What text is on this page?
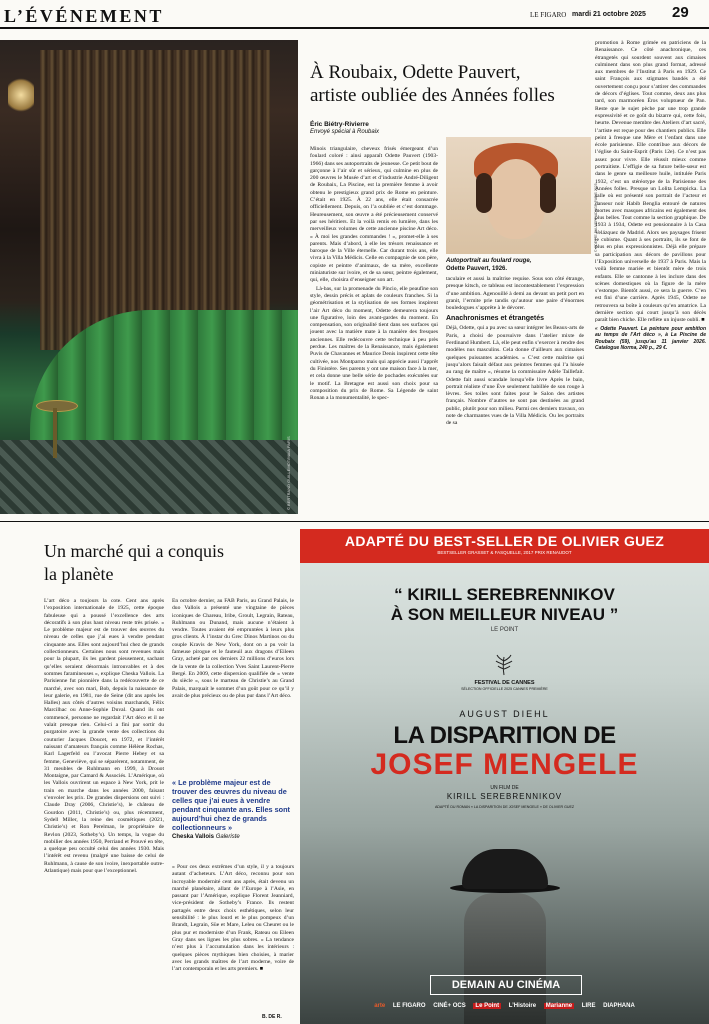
L’ÉVÉNEMENT	LE FIGARO mardi 21 octobre 2025 29
© BERTRAND GUILLEMOT/MAIA PARIS
À Roubaix, Odette Pauvert,
artiste oubliée des Années folles
Éric Biétry-Rivierre
Envoyé spécial à Roubaix
© ODETTE PAUVERT/ADAGP, PARIS 2025
Autoportrait au foulard rouge,
Odette Pauvert, 1926.

Minois triangulaire, cheveux frisés émergeant d’un foulard coloré : ainsi apparaît Odette Pauvert (1903-1966) dans ses autoportraits de jeunesse. Ce petit bout de garçonne à l’air sûr et sérieux, qui culmine en plus de 200 œuvres le Musée d’art et d’industrie André-Diligent de Roubaix, La Piscine, est la première femme à avoir obtenu le prestigieux grand prix de Rome en peinture. C’était en 1925. À 22 ans, elle était consacrée officiellement. Depuis, on l’a oubliée et c’est dommage. Heureusement, son œuvre a été précieusement conservé par ses héritiers. Et la voilà remis en lumière, dans les merveilleux volumes de cette ancienne piscine Art déco. « À moi les grandes commandes ! », promet-elle à ses parents. Mais d’abord, à elle les trésors renaissance et baroque de la Ville éternelle. Car durant trois ans, elle vivra à la Villa Médicis. Celle en compagnie de son père, copiste et peintre d’animaux, de sa mère, excellente miniaturiste sur ivoire, et de sa sœur, peintre également, qui, elle, choisira d’enseigner son art.

Là-bas, sur la promenade du Pincio, elle peaufine son style, dessin précis et aplats de couleurs franches. Si la géométrisation et la stylisation de ses formes inspirent l’air Art déco du moment, Odette demeurera toujours une figurative, loin des avant-gardes du moment. En compensation, son originalité tient dans ses surfaces qui jouent avec la matière mate à la manière des fresques anciennes. Elle redécouvre cette technique à peu près perdue. Les maîtres de la Renaissance, mais également Puvis de Chavannes et Maurice Denis inspirent cette tête cultivée, nos Montparno mais qui apprécie aussi l’apprêt du Finistère. Ses parents y ont une maison face à la mer, et cela donne une belle série de pochades exécutées sur le motif. La Bretagne est aussi son choix pour sa composition du prix de Rome. Sa Légende de saint Ronan a la monumentalité, le spec-

taculaire et aussi la maîtrise requise. Sous son côté étrange, presque kitsch, ce tableau est incontestablement l’expression d’une ambition. Agenouillé à demi au devant un petit port en granit, l’ermite prie tandis qu’autour une paire d’énormes bouledogues s’apprête à le dévorer.

Anachronismes et étrangetés

Déjà, Odette, qui a pu avec sa sœur intégrer les Beaux-arts de Paris, a choisi de poursuivre dans l’atelier mixte de Ferdinand Humbert. Là, elle peut enfin s’exercer à rendre des modèles nus masculins. Cela donne d’ailleurs aux cimaises quelques puissantes académies. « C’est cette maîtrise qui jusqu’alors faisait défaut aux peintres femmes qui l’a hissée au rang de maître », résume la commissaire Adèle Taillefait. Odette fait aussi scandale lorsqu’elle livre Après le bain, portrait réaliste d’une Ève seulement habillée de son rouge à lèvres. Ses toiles sont faites pour le Salon des artistes français. Nombre d’autres ne sont pas destinées au grand public, plutôt pour son milieu. Parmi ces derniers travaux, on note de charmantes vues de la Villa Médicis. Ou les portraits de sa

promotion à Rome grimée en patriciens de la Renaissance. Ce côté anachronique, ces étrangetés qui sourdent souvent aux cimaises culminent dans son plus grand format, adressé aux membres de l’Institut à Paris en 1929. Ce saint François aux stigmates bandés a été ouvertement conçu pour s’attirer des commandes de décors d’églises. Tout comme, deux ans plus tard, son marmoréen Éros voluptueur de Pan. Reste que le sujet pèche par une trop grande expressivité et ce goût du bizarre qui, cette fois, heurte. Devenue membre des Ateliers d’art sacré, l’artiste est reçue pour des chantiers publics. Elle peint à fresque une Mère et l’enfant dans une école parisienne. Elle contribue aux décors de l’église du Saint-Esprit (Paris 12e). Ce n’est pas assez pour vivre. Elle réussit mieux comme portraitiste. L’effigie de sa future belle-sœur est dans le genre sa meilleure huile, intitulée Paris 1932, c’est un stéréotype de la Parisienne des Années folles. Presque un Lolita Lempicka. La salle où est présenté son portrait de l’acteur et danseur noir Habib Benglia entouré de natures mortes avec masques africains est également des plus belles. Tout comme la section graphique. De 1933 à 1934, Odette est pensionnaire à la Casa Velázquez de Madrid. Alors ses paysages frisent le cubisme. Quant à ses portraits, ils se font de plus en plus expressionnistes. Déjà elle prépare sa participation aux décors de pavillons pour l’Exposition universelle de 1937 à Paris. Mais la voilà femme mariée et bientôt mère de trois enfants. Elle se cantonne à les inclure dans des scènes domestiques où la figure de la mère s’estompe. Bientôt aussi, ce sera la guerre. C’en est fini d’une carrière. Après 1945, Odette ne retrouvera sa boîte à couleurs qu’en amatrice. La dernière section qui court jusqu’à son décès paraît bien chiche. Elle reflète un injuste oubli. ■

« Odette Pauvert. La peinture pour ambition au temps de l’Art déco », à La Piscine de Roubaix (59), jusqu’au 11 janvier 2026. Catalogue Norma, 240 p., 29 €.

Un marché qui a conquis
la planète

L’art déco a toujours la cote. Cent ans après l’exposition internationale de 1925, cette époque fabuleuse qui a poussé l’excellence des arts décoratifs à son plus haut niveau reste très prisée. « Le problème majeur est de trouver des œuvres du niveau de celles que j’ai eues à vendre pendant cinquante ans. Elles sont aujourd’hui chez de grands collectionneurs. Certaines nous sont revenues mais pour la plupart, ils les gardent pieusement, sachant qu’elles seraient désormais introuvables et à des sommes faramineuses », explique Cheska Vallois. La Parisienne fut pionnière dans la redécouverte de ce marché, avec son mari, Bob, depuis la naissance de leur galerie, en 1981, rue de Seine (dit ans après les Halles) aux côtés d’autres voisins marchands, Félix Marcilhac ou Anne-Sophie Duval. Quand ils ont commencé, personne ne regardait l’Art déco et il ne valait presque rien. Celui-ci a fini par sortir du purgatoire avec la grande vente des collections du couturier Jacques Doucet, en 1972, et l’intérêt naissant d’amateurs français comme Hélène Rochas, Karl Lagerfeld ou l’avocat Pierre Hebey et sa femme, Geneviève, qui se séparèrent, notamment, de 31 meubles de Ruhlmann en 1999, à Drouot Montaigne, par Camard & Associés. L’Amérique, où les Vallois ouvrirent un espace à New York, prit le train en marche dans les années 2000, faisant s’envoler les prix. De grandes dispersions ont suivi : Claude Dray (2006, Christie’s), le château de Gourdon (2011, Christie’s) ou, plus récemment, Sydell Miller, la reine des cosmétiques (2021, Christie’s) et Ron Perelman, le propriétaire de Revlon (2023, Sotheby’s). Un temps, la vogue du mobilier des années 1950, Perriand et Prouvé en tête, a quelque peu occulté celui des années 1930. Mais l’intérêt est revenu (malgré une baisse de celui de Ruhlmann, à cause de son ivoire, inexportable outre-Atlantique) mais pour que l’exceptionnel.

En octobre dernier, au FAB Paris, au Grand Palais, le duo Vallois a présenté une vingtaine de pièces iconiques de Chareau, Iribe, Groult, Legrain, Rateau, Ruhlmann ou Dunand, mais aucune n’étaient à vendre. Toutes avaient été empruntées à leurs plus gros clients. À l’instar du Grec Dinos Martinos ou du couple Kravis de New York, dont on a pu voir la fameuse pirogue et le fauteuil aux dragons d’Eileen Gray, acheté par ces derniers 22 millions d’euros lors de la vente de la collection Yves Saint Laurent-Pierre Bergé. En 2009, cette dispersion qualifiée de « vente du siècle », sous le marteau de Christie’s au Grand Palais, marquait le sommet d’un goût pour ce qu’il y avait de plus précieux ou de plus pur dans l’Art déco.

« Le problème majeur est de trouver des œuvres du niveau de celles que j’ai eues à vendre pendant cinquante ans. Elles sont aujourd’hui chez de grands collectionneurs »
Cheska Vallois Galeriste

« Pour ces deux extrêmes d’un style, il y a toujours autant d’acheteurs. L’Art déco, reconnu pour son incroyable modernité cent ans après, était devenu un marché planétaire, allant de l’Europe à l’Asie, en passant par l’Amérique, explique Florent Jeanniard, vice-président de Sotheby’s France. Ils restent partagés entre deux choix esthétiques, selon leur sensibilité : le plus lourd et le plus pompeux d’un Brandt, Legrain, Süe et Mare, Leleu ou Cheuret ou le plus pur et moderniste d’un Frank, Rateau ou Eileen Gray dans ses lignes les plus sobres. » La tendance n’est plus à l’accumulation dans les intérieurs : quelques pièces mythiques bien choisies, à marier avec les grands maîtres de l’art moderne, voire de l’art contemporain et les arts premiers. ■

B. DE R.
ADAPTÉ DU BEST-SELLER DE OLIVIER GUEZ
BESTSELLER GRASSET & FASQUELLE, 2017 PRIX RENAUDOT
“ KIRILL SEREBRENNIKOV
À SON MEILLEUR NIVEAU ”
LE POINT
FESTIVAL DE CANNES
SÉLECTION OFFICIELLE 2025 CANNES PREMIÈRE
AUGUST DIEHL
LA DISPARITION DE
JOSEF MENGELE
UN FILM DE
KIRILL SEREBRENNIKOV
ADAPTÉ DU ROMAN « LA DISPARITION DE JOSEF MENGELE » DE OLIVIER GUEZ
DEMAIN AU CINÉMA
arte LE FIGARO CINÉ+ OCS Le Point L’Histoire Marianne LIRE DIAPHANA
